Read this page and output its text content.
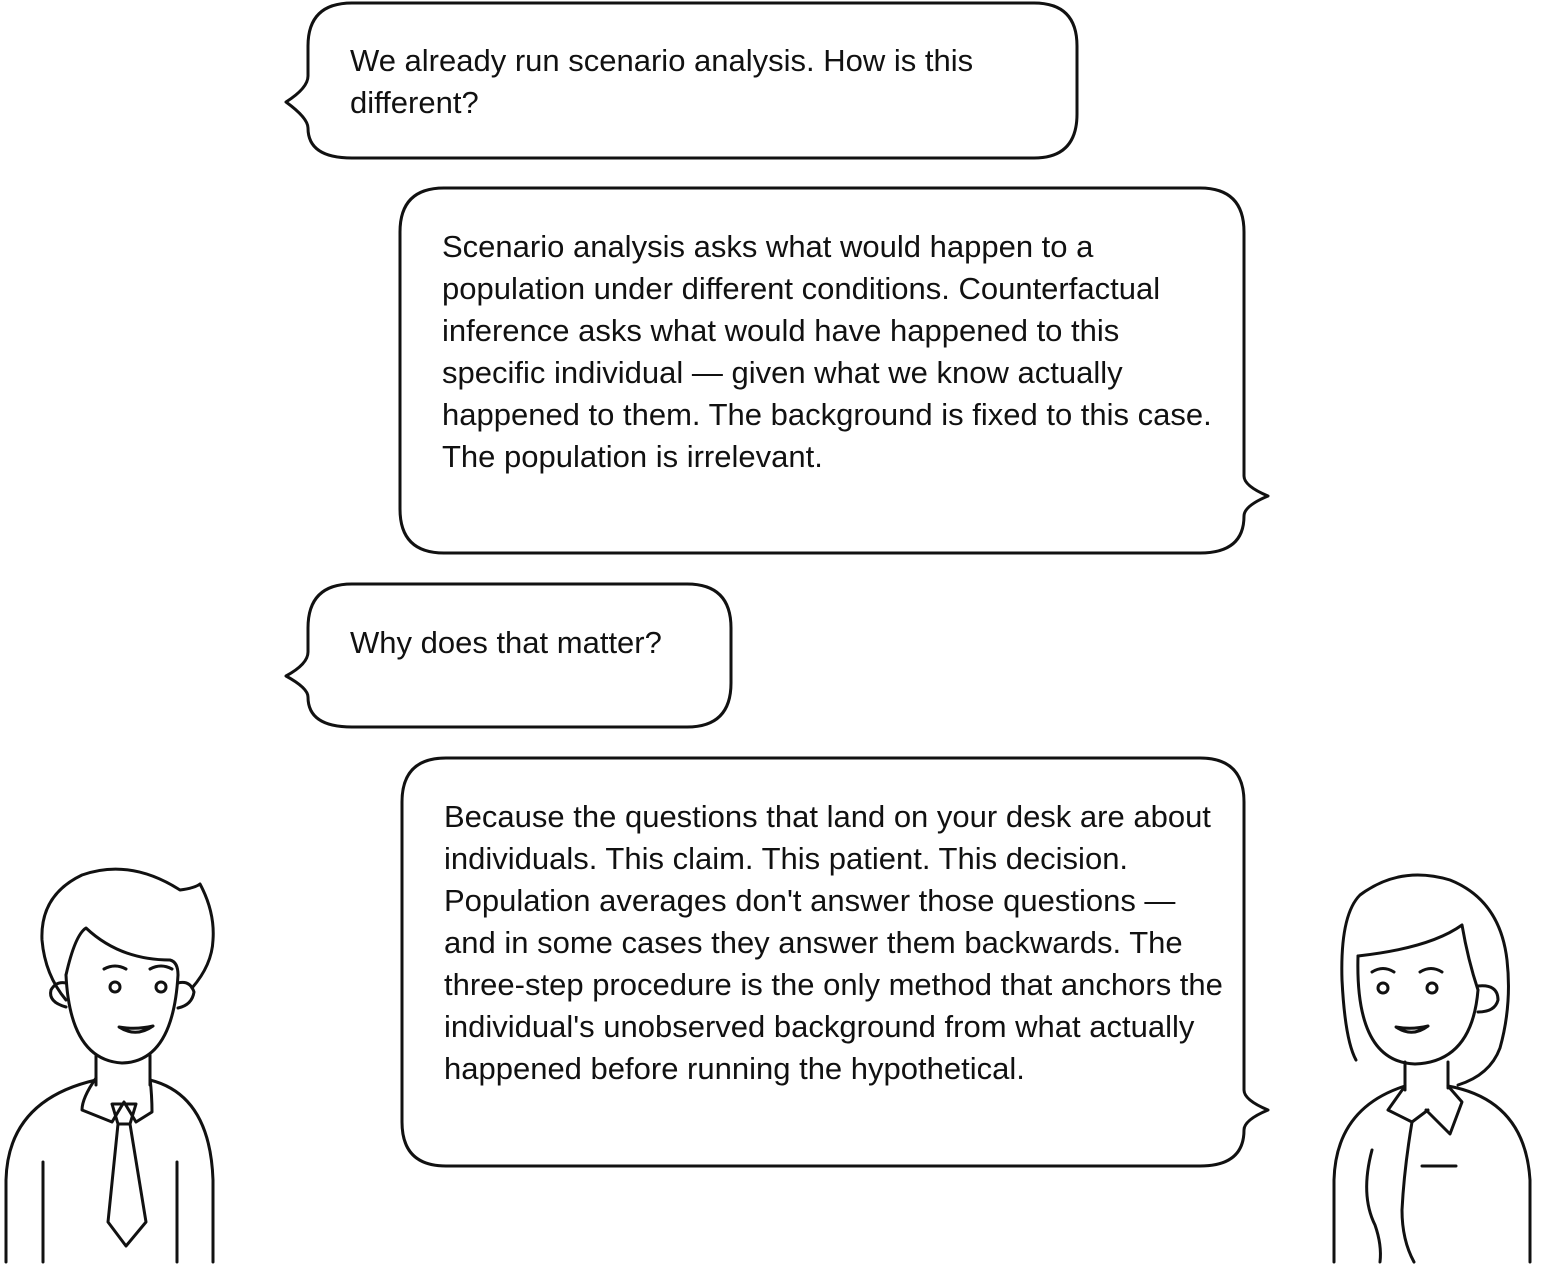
We already run scenario analysis. How is this different?

Scenario analysis asks what would happen to a population under different conditions. Counterfactual inference asks what would have happened to this specific individual — given what we know actually happened to them. The background is fixed to this case. The population is irrelevant.

Why does that matter?

Because the questions that land on your desk are about individuals. This claim. This patient. This decision. Population averages don't answer those questions — and in some cases they answer them backwards. The three-step procedure is the only method that anchors the individual's unobserved background from what actually happened before running the hypothetical.
